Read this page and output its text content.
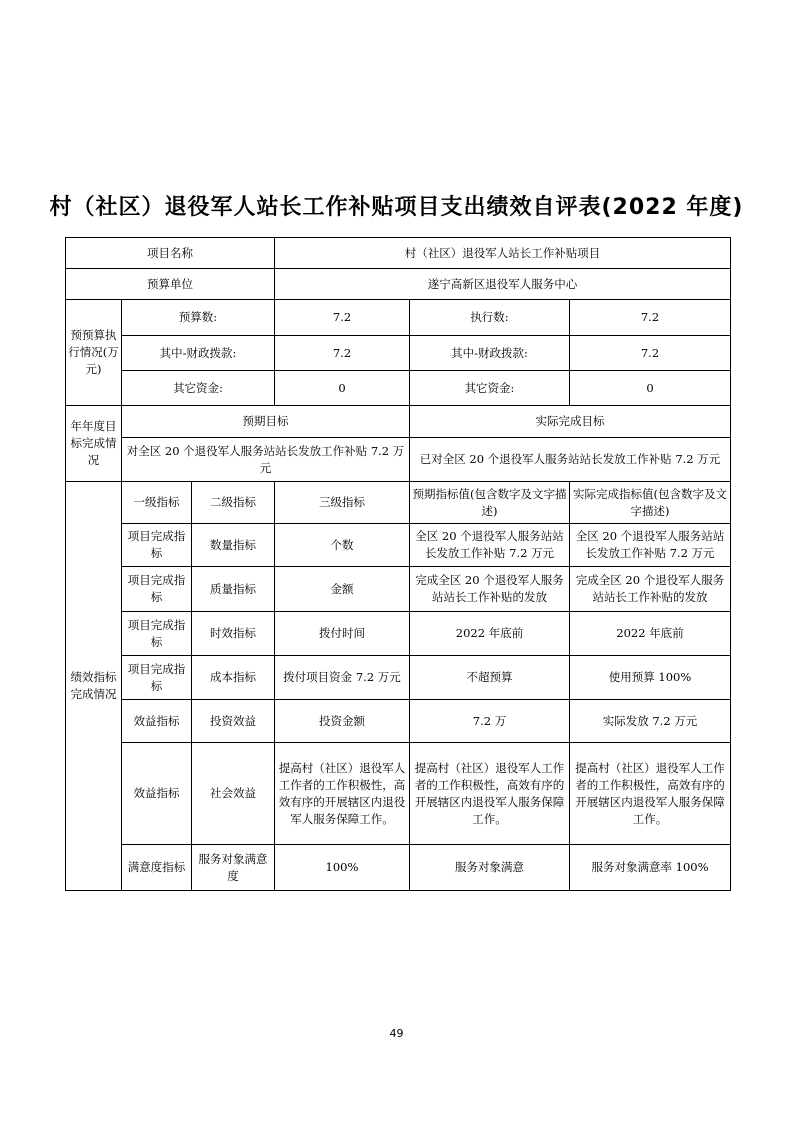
村（社区）退役军人站长工作补贴项目支出绩效自评表(2022 年度)
项目名称			村（社区）退役军人站长工作补贴项目		
预算单位			遂宁高新区退役军人服务中心		
预预算执行情况(万元)	预算数:		7.2	执行数:	7.2
	其中-财政拨款:		7.2	其中-财政拨款:	7.2
	其它资金:		0	其它资金:	0
年年度目标完成情况	预期目标			实际完成目标	
	对全区 20 个退役军人服务站站长发放工作补贴 7.2 万元			已对全区 20 个退役军人服务站站长发放工作补贴 7.2 万元	
绩效指标完成情况	一级指标	二级指标	三级指标	预期指标值(包含数字及文字描述)	实际完成指标值(包含数字及文字描述)
	项目完成指标	数量指标	个数	全区 20 个退役军人服务站站长发放工作补贴 7.2 万元	全区 20 个退役军人服务站站长发放工作补贴 7.2 万元
	项目完成指标	质量指标	金额	完成全区 20 个退役军人服务站站长工作补贴的发放	完成全区 20 个退役军人服务站站长工作补贴的发放
	项目完成指标	时效指标	拨付时间	2022 年底前	2022 年底前
	项目完成指标	成本指标	拨付项目资金 7.2 万元	不超预算	使用预算 100%
	效益指标	投资效益	投资金额	7.2 万	实际发放 7.2 万元
	效益指标	社会效益	提高村（社区）退役军人工作者的工作积极性，高效有序的开展辖区内退役军人服务保障工作。	提高村（社区）退役军人工作者的工作积极性，高效有序的开展辖区内退役军人服务保障工作。	提高村（社区）退役军人工作者的工作积极性，高效有序的开展辖区内退役军人服务保障工作。
	满意度指标	服务对象满意度	100%	服务对象满意	服务对象满意率 100%
49
